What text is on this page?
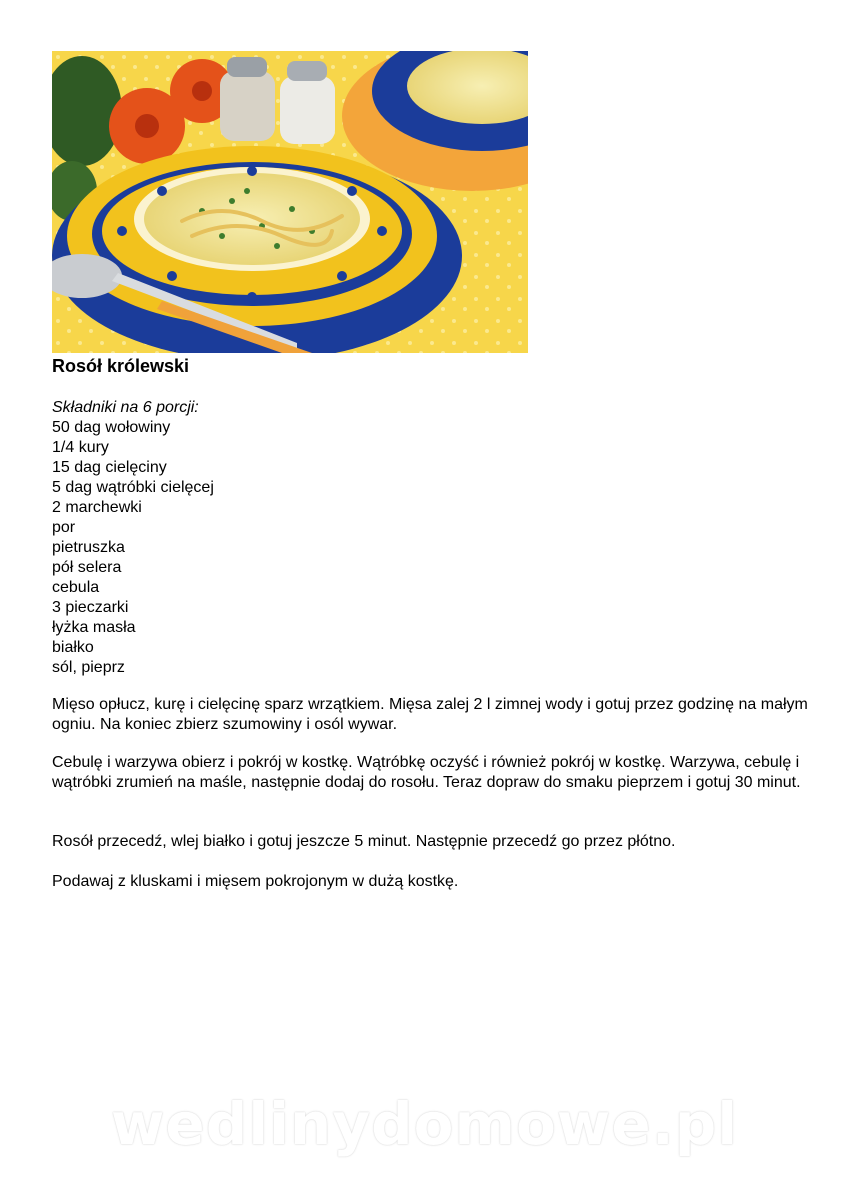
Rosół królewski
Składniki na 6 porcji:
50 dag wołowiny
1/4 kury
15 dag cielęciny
5 dag wątróbki cielęcej
2 marchewki
por
pietruszka
pół selera
cebula
3 pieczarki
łyżka masła
białko
sól, pieprz

Mięso opłucz, kurę i cielęcinę sparz wrzątkiem. Mięsa zalej 2 l zimnej wody i gotuj przez godzinę na małym ogniu. Na koniec zbierz szumowiny i osól wywar.

Cebulę i warzywa obierz i pokrój w kostkę. Wątróbkę oczyść i również pokrój w kostkę. Warzywa, cebulę i wątróbki zrumień na maśle, następnie dodaj do rosołu. Teraz dopraw do smaku pieprzem i gotuj 30 minut.

Rosół przecedź, wlej białko i gotuj jeszcze 5 minut. Następnie przecedź go przez płótno.

Podawaj z kluskami i mięsem pokrojonym w dużą kostkę.

wedlinydomowe.pl
